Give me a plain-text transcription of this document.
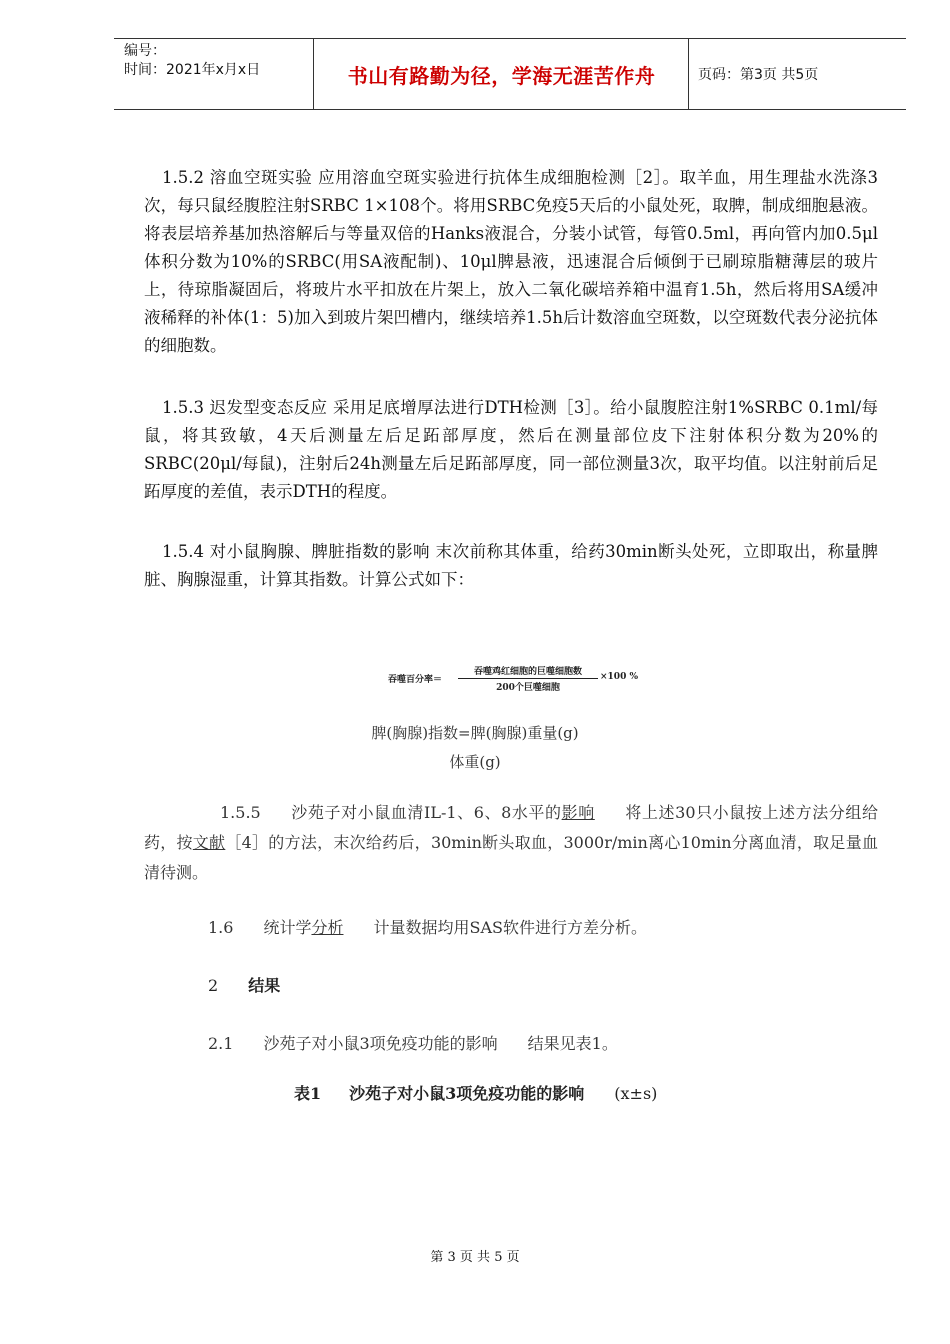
编号：
时间：2021年x月x日	书山有路勤为径，学海无涯苦作舟	页码：第3页 共5页
1.5.2 溶血空斑实验 应用溶血空斑实验进行抗体生成细胞检测［2］。取羊血，用生理盐水洗涤3次，每只鼠经腹腔注射SRBC 1×108个。将用SRBC免疫5天后的小鼠处死，取脾，制成细胞悬液。将表层培养基加热溶解后与等量双倍的Hanks液混合，分装小试管，每管0.5ml，再向管内加0.5μl体积分数为10%的SRBC(用SA液配制)、10μl脾悬液，迅速混合后倾倒于已刷琼脂糖薄层的玻片上，待琼脂凝固后，将玻片水平扣放在片架上，放入二氧化碳培养箱中温育1.5h，然后将用SA缓冲液稀释的补体(1：5)加入到玻片架凹槽内，继续培养1.5h后计数溶血空斑数，以空斑数代表分泌抗体的细胞数。
1.5.3 迟发型变态反应 采用足底增厚法进行DTH检测［3］。给小鼠腹腔注射1%SRBC 0.1ml/每鼠，将其致敏，4天后测量左后足跖部厚度，然后在测量部位皮下注射体积分数为20%的SRBC(20μl/每鼠)，注射后24h测量左后足跖部厚度，同一部位测量3次，取平均值。以注射前后足跖厚度的差值，表示DTH的程度。
1.5.4 对小鼠胸腺、脾脏指数的影响 末次前称其体重，给药30min断头处死，立即取出，称量脾脏、胸腺湿重，计算其指数。计算公式如下：
吞噬百分率＝
吞噬鸡红细胞的巨噬细胞数
200个巨噬细胞
×100 %
脾(胸腺)指数=脾(胸腺)重量(g)
体重(g)
1.5.5 沙苑子对小鼠血清IL-1、6、8水平的影响 将上述30只小鼠按上述方法分组给药，按文献［4］的方法，末次给药后，30min断头取血，3000r/min离心10min分离血清，取足量血清待测。
1.6 统计学分析 计量数据均用SAS软件进行方差分析。
2 结果
2.1 沙苑子对小鼠3项免疫功能的影响 结果见表1。
表1 沙苑子对小鼠3项免疫功能的影响 (x±s)
第 3 页 共 5 页
